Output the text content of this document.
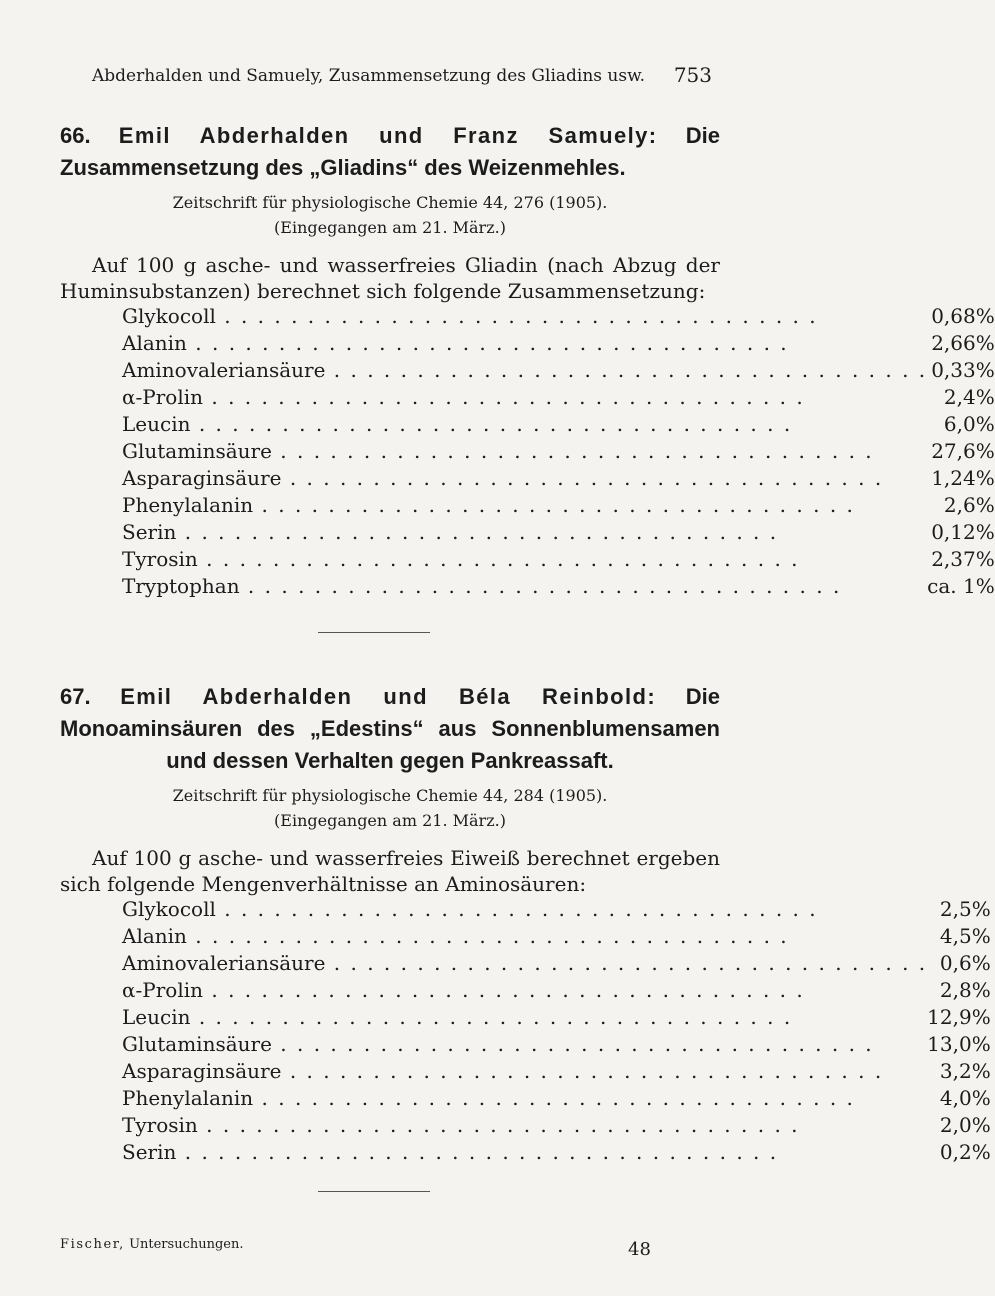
Abderhalden und Samuely, Zusammensetzung des Gliadins usw. 753
66. Emil Abderhalden und Franz Samuely: Die Zusammensetzung des „Gliadins“ des Weizenmehles.
Zeitschrift für physiologische Chemie 44, 276 (1905).
(Eingegangen am 21. März.)
Auf 100 g asche- und wasserfreies Gliadin (nach Abzug der Huminsubstanzen) berechnet sich folgende Zusammensetzung:
Glykocoll . . .	0,68%

Alanin . . .	2,66%

Aminovaleriansäure . . .	0,33%

α-Prolin . . .	2,4%

Leucin . . .	6,0%

Glutaminsäure . . .	27,6%

Asparaginsäure . . .	1,24%

Phenylalanin . . .	2,6%

Serin . . .	0,12%

Tyrosin . . .	2,37%

Tryptophan . . .	ca. 1%
67. Emil Abderhalden und Béla Reinbold: Die Monoaminsäuren des „Edestins“ aus Sonnenblumensamen und dessen Verhalten gegen Pankreassaft.
Zeitschrift für physiologische Chemie 44, 284 (1905).
(Eingegangen am 21. März.)
Auf 100 g asche- und wasserfreies Eiweiß berechnet ergeben sich folgende Mengenverhältnisse an Aminosäuren:
Glykocoll . . .	2,5%

Alanin . . .	4,5%

Aminovaleriansäure . . .	0,6%

α-Prolin . . .	2,8%

Leucin . . .	12,9%

Glutaminsäure . . .	13,0%

Asparaginsäure . . .	3,2%

Phenylalanin . . .	4,0%

Tyrosin . . .	2,0%

Serin . . .	0,2%
Fischer, Untersuchungen.	48
